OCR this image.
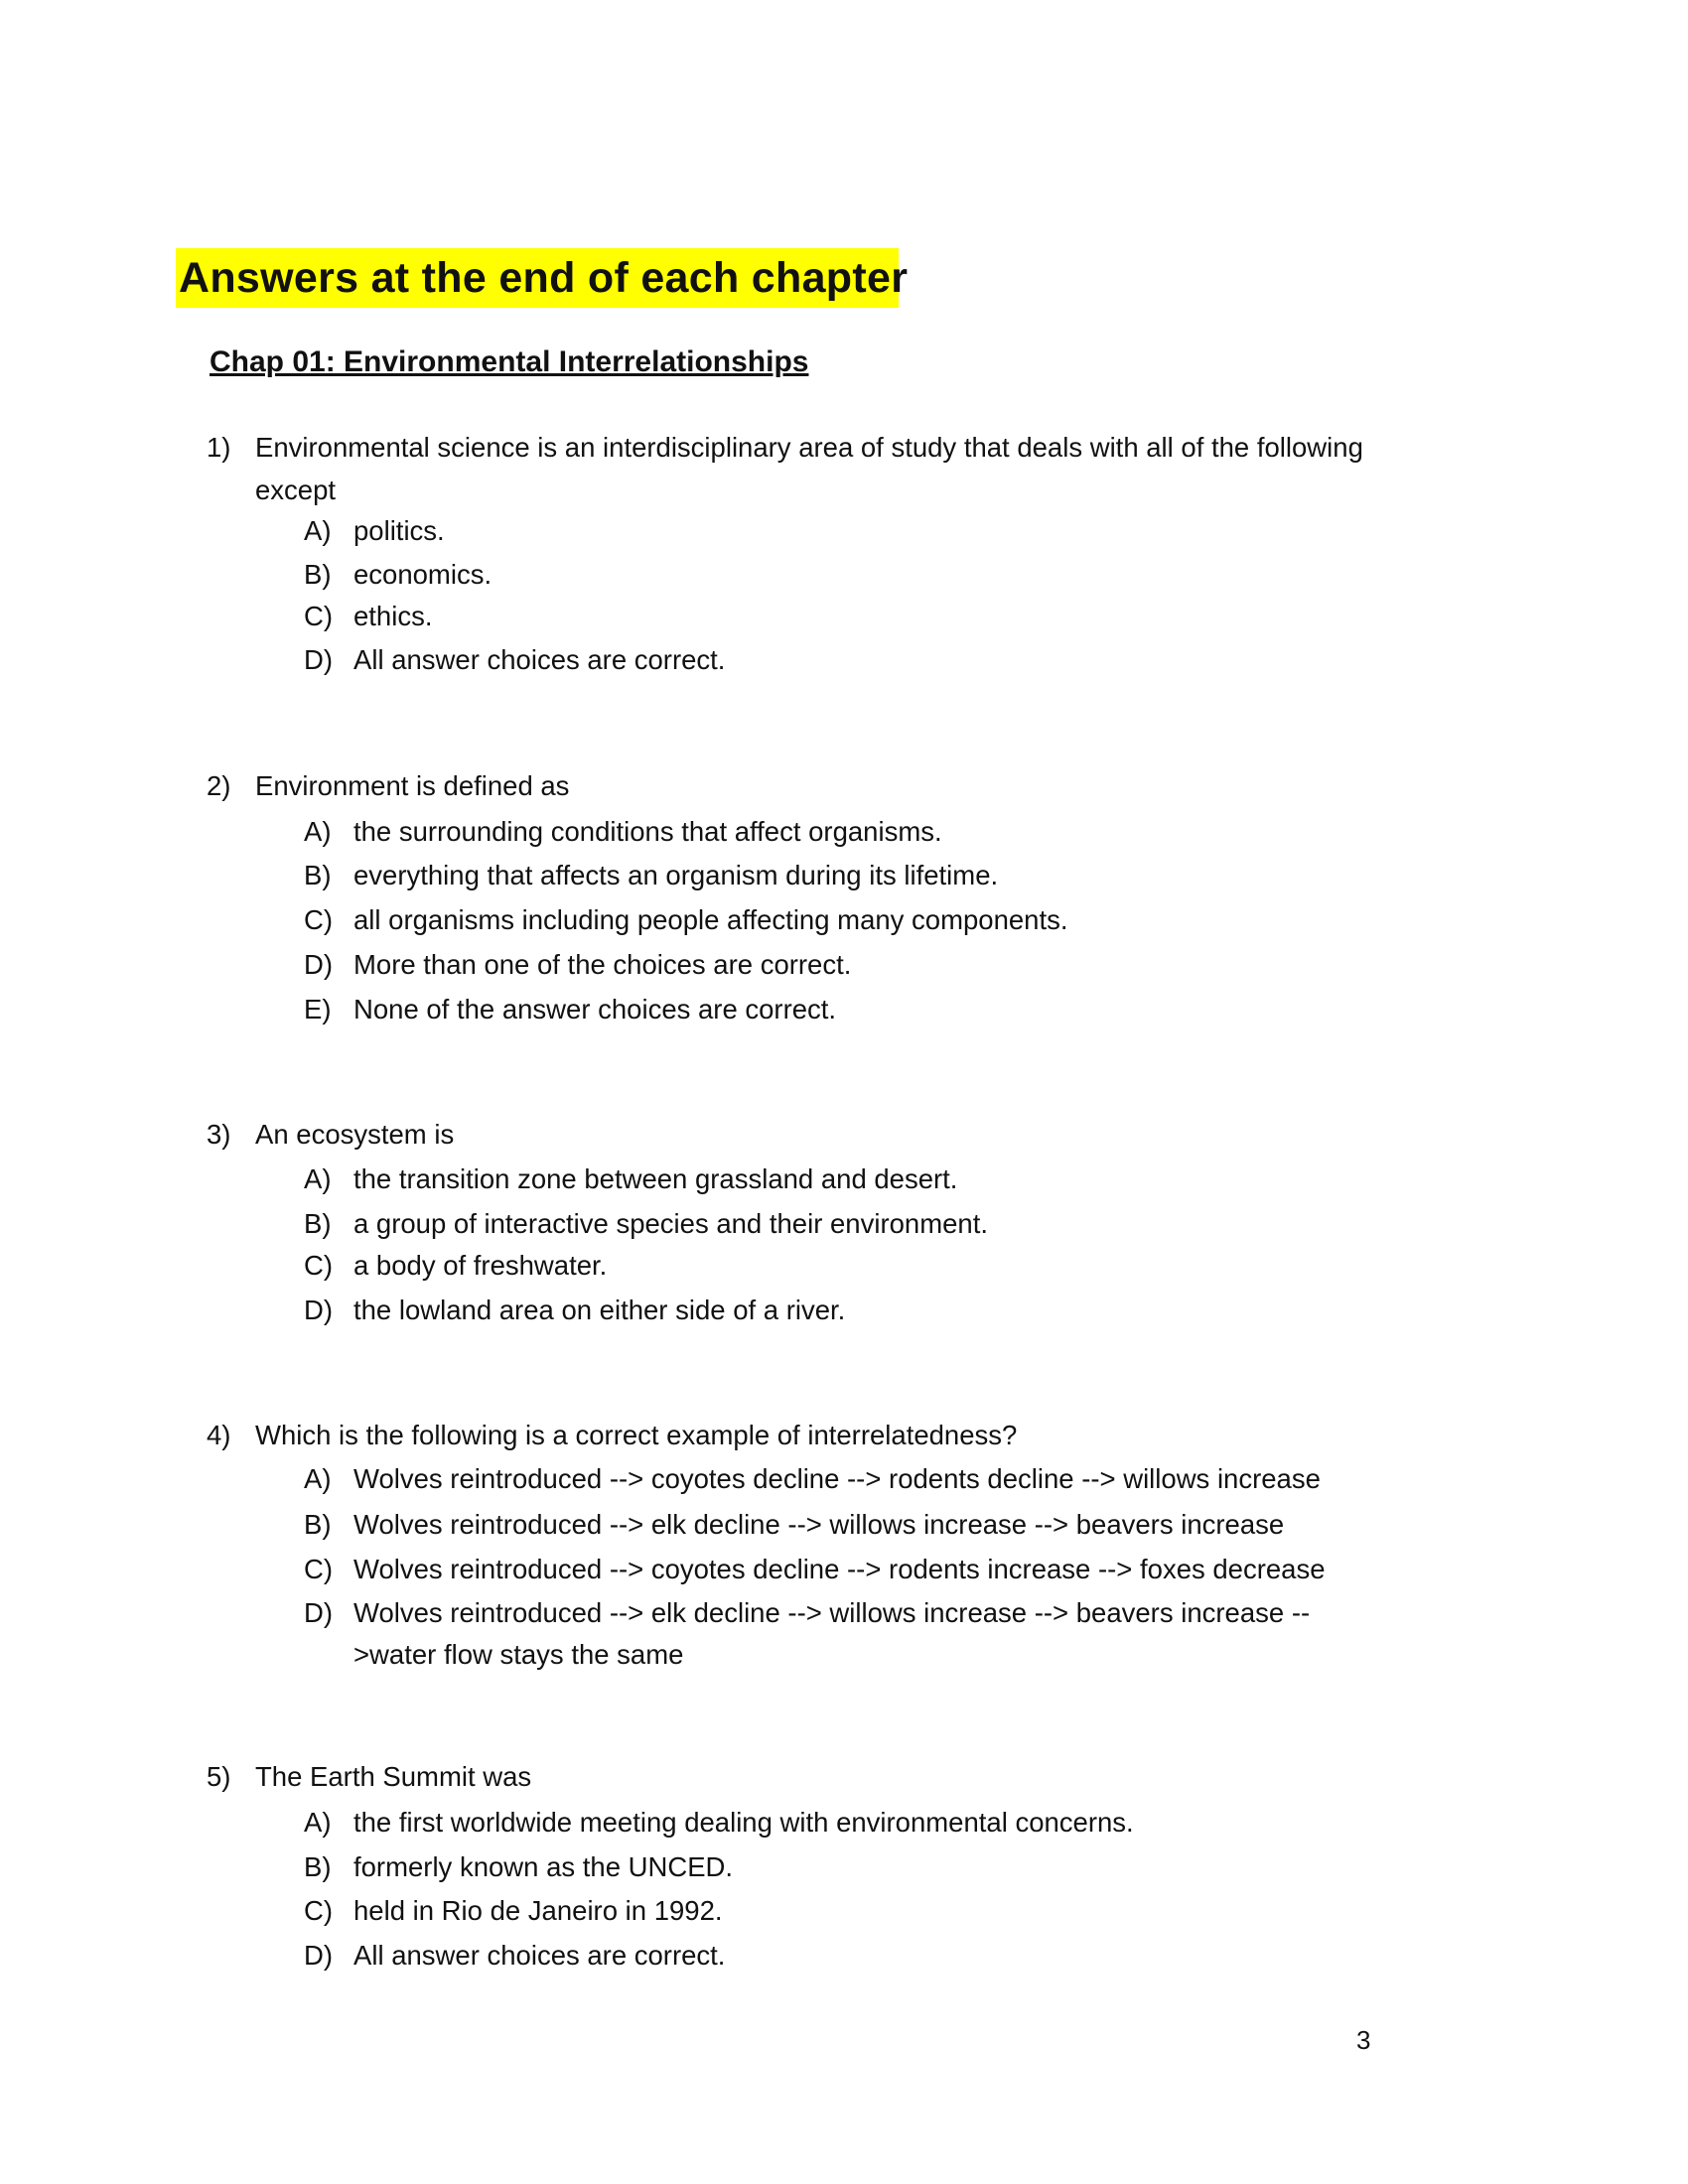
Answers at the end of each chapter
Chap 01: Environmental Interrelationships
1) Environmental science is an interdisciplinary area of study that deals with all of the following
except
A) politics.
B) economics.
C) ethics.
D) All answer choices are correct.
2) Environment is defined as
A) the surrounding conditions that affect organisms.
B) everything that affects an organism during its lifetime.
C) all organisms including people affecting many components.
D) More than one of the choices are correct.
E) None of the answer choices are correct.
3) An ecosystem is
A) the transition zone between grassland and desert.
B) a group of interactive species and their environment.
C) a body of freshwater.
D) the lowland area on either side of a river.
4) Which is the following is a correct example of interrelatedness?
A) Wolves reintroduced --> coyotes decline --> rodents decline --> willows increase
B) Wolves reintroduced --> elk decline --> willows increase --> beavers increase
C) Wolves reintroduced --> coyotes decline --> rodents increase --> foxes decrease
D) Wolves reintroduced --> elk decline --> willows increase --> beavers increase --
>water flow stays the same
5) The Earth Summit was
A) the first worldwide meeting dealing with environmental concerns.
B) formerly known as the UNCED.
C) held in Rio de Janeiro in 1992.
D) All answer choices are correct.
3
